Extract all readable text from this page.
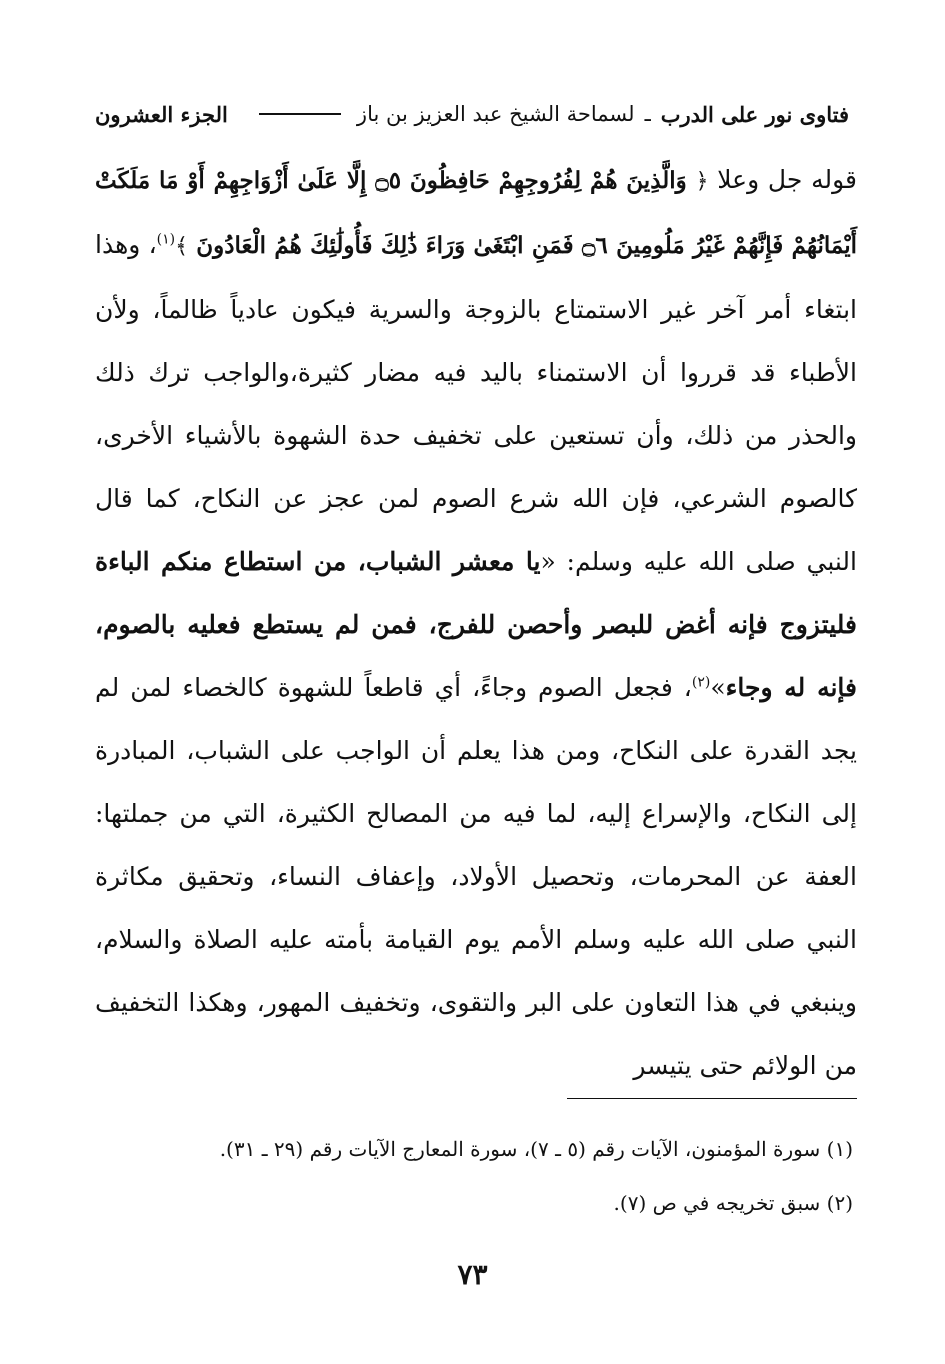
فتاوى نور على الدرب
ـ
لسماحة الشيخ عبد العزيز بن باز
الجزء العشرون

قوله جل وعلا ﴿ وَالَّذِينَ هُمْ لِفُرُوجِهِمْ حَافِظُونَ ۝٥ إِلَّا عَلَىٰ أَزْوَاجِهِمْ أَوْ مَا مَلَكَتْ أَيْمَانُهُمْ فَإِنَّهُمْ غَيْرُ مَلُومِينَ ۝٦ فَمَنِ ابْتَغَىٰ وَرَاءَ ذَٰلِكَ فَأُولَٰئِكَ هُمُ الْعَادُونَ ﴾$^{(١)}$، وهذا ابتغاء أمر آخر غير الاستمتاع بالزوجة والسرية فيكون عادياً ظالماً، ولأن الأطباء قد قرروا أن الاستمناء باليد فيه مضار كثيرة،والواجب ترك ذلك والحذر من ذلك، وأن تستعين على تخفيف حدة الشهوة بالأشياء الأخرى، كالصوم الشرعي، فإن الله شرع الصوم لمن عجز عن النكاح، كما قال النبي صلى الله عليه وسلم: «يا معشر الشباب، من استطاع منكم الباءة فليتزوج فإنه أغض للبصر وأحصن للفرج، فمن لم يستطع فعليه بالصوم، فإنه له وجاء»$^{(٢)}$، فجعل الصوم وجاءً، أي قاطعاً للشهوة كالخصاء لمن لم يجد القدرة على النكاح، ومن هذا يعلم أن الواجب على الشباب، المبادرة إلى النكاح، والإسراع إليه، لما فيه من المصالح الكثيرة، التي من جملتها: العفة عن المحرمات، وتحصيل الأولاد، وإعفاف النساء، وتحقيق مكاثرة النبي صلى الله عليه وسلم الأمم يوم القيامة بأمته عليه الصلاة والسلام، وينبغي في هذا التعاون على البر والتقوى، وتخفيف المهور، وهكذا التخفيف من الولائم حتى يتيسر

(١) سورة المؤمنون، الآيات رقم (٥ ـ ٧)، سورة المعارج الآيات رقم (٢٩ ـ ٣١).
(٢) سبق تخريجه في ص (٧).
٧٣
